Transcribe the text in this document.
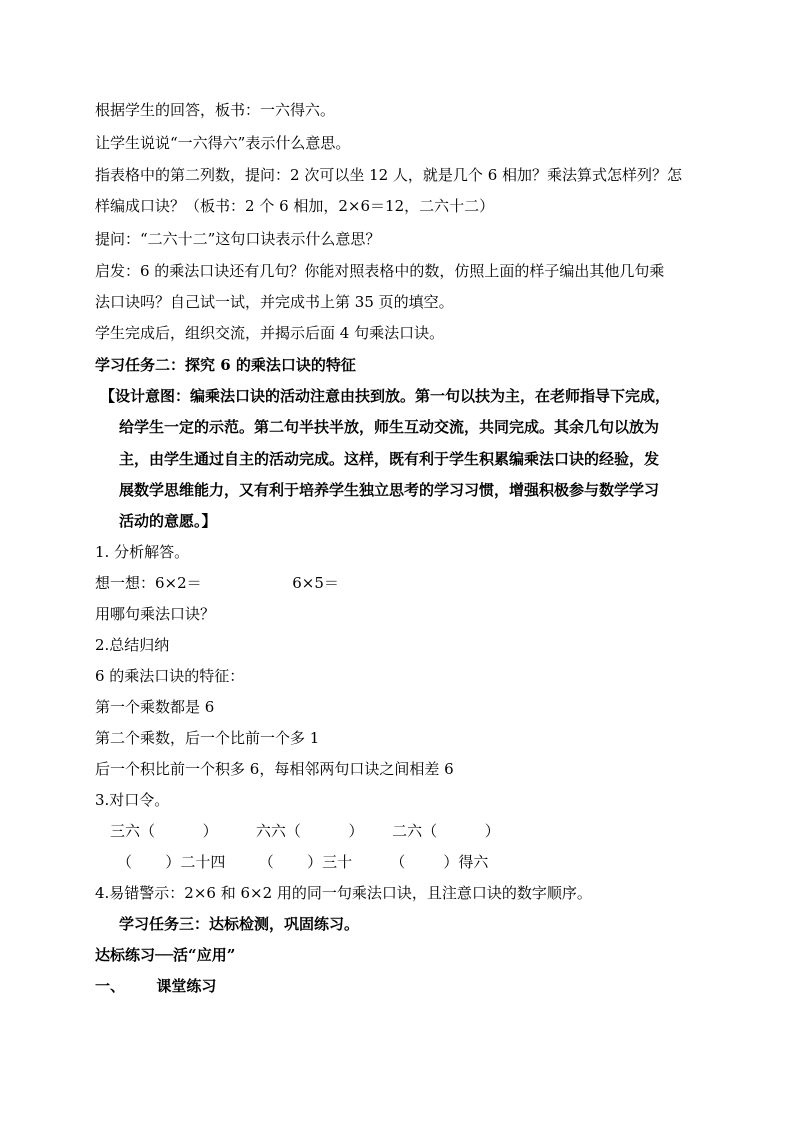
根据学生的回答，板书：一六得六。
让学生说说“一六得六”表示什么意思。
指表格中的第二列数，提问：2 次可以坐 12 人，就是几个 6 相加？乘法算式怎样列？怎
样编成口诀？（板书：2 个 6 相加，2×6＝12，二六十二）
提问：“二六十二”这句口诀表示什么意思？
启发：6 的乘法口诀还有几句？你能对照表格中的数，仿照上面的样子编出其他几句乘
法口诀吗？自己试一试，并完成书上第 35 页的填空。
学生完成后，组织交流，并揭示后面 4 句乘法口诀。
学习任务二：探究 6 的乘法口诀的特征
【设计意图：编乘法口诀的活动注意由扶到放。第一句以扶为主，在老师指导下完成，
给学生一定的示范。第二句半扶半放，师生互动交流，共同完成。其余几句以放为
主，由学生通过自主的活动完成。这样，既有利于学生积累编乘法口诀的经验，发
展数学思维能力，又有利于培养学生独立思考的学习习惯，增强积极参与数学学习
活动的意愿。】
1. 分析解答。
想一想：6×2＝                   6×5＝
用哪句乘法口诀？
2.总结归纳
6 的乘法口诀的特征：
第一个乘数都是 6
第二个乘数，后一个比前一个多 1
后一个积比前一个积多 6，每相邻两句口诀之间相差 6
3.对口令。
三六（          ）        六六（          ）      二六（          ）
（       ）二十四       （       ）三十        （        ）得六
4.易错警示：2×6 和 6×2 用的同一句乘法口诀，且注意口诀的数字顺序。
学习任务三：达标检测，巩固练习。
达标练习──活“应用”
一、      课堂练习
